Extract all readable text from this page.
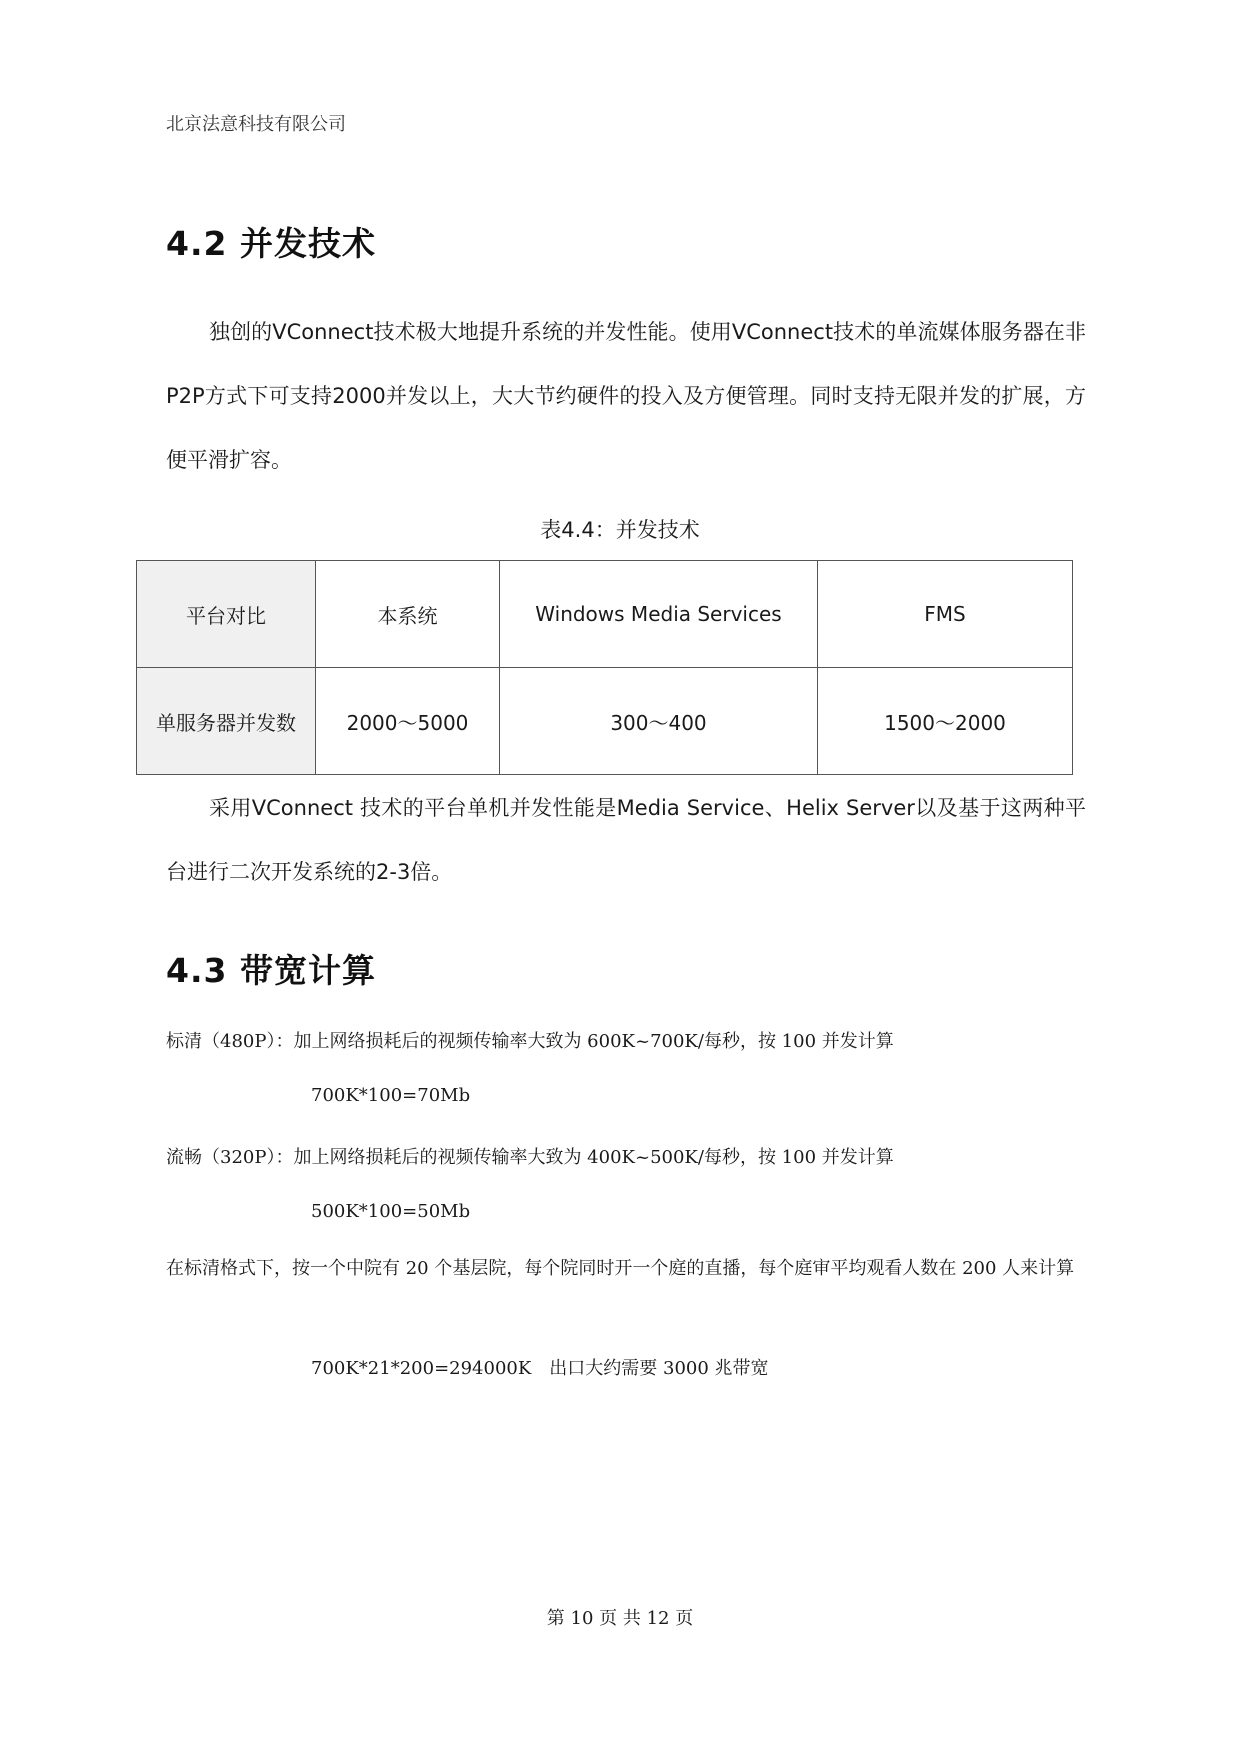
北京法意科技有限公司
4.2 并发技术
独创的VConnect技术极大地提升系统的并发性能。使用VConnect技术的单流媒体服务器在非P2P方式下可支持2000并发以上，大大节约硬件的投入及方便管理。同时支持无限并发的扩展，方便平滑扩容。
表4.4：并发技术
平台对比	本系统	Windows Media Services	FMS
单服务器并发数	2000～5000	300～400	1500～2000
采用VConnect 技术的平台单机并发性能是Media Service、Helix Server以及基于这两种平台进行二次开发系统的2-3倍。
4.3 带宽计算
标清（480P）：加上网络损耗后的视频传输率大致为 600K~700K/每秒，按 100 并发计算
700K*100=70Mb
流畅（320P）：加上网络损耗后的视频传输率大致为 400K~500K/每秒，按 100 并发计算
500K*100=50Mb
在标清格式下，按一个中院有 20 个基层院，每个院同时开一个庭的直播，每个庭审平均观看人数在 200 人来计算
700K*21*200=294000K　出口大约需要 3000 兆带宽
第 10 页 共 12 页
